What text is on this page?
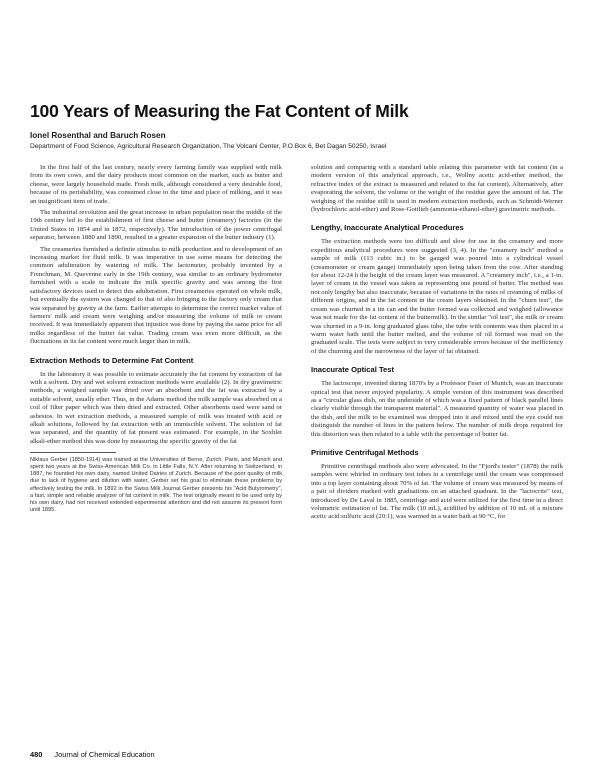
100 Years of Measuring the Fat Content of Milk
Ionel Rosenthal and Baruch Rosen
Department of Food Science, Agricultural Research Organization, The Volcani Center, P.O.Box 6, Bet Dagan 50250, Israel

In the first half of the last century, nearly every farming family was supplied with milk from its own cows, and the dairy products most common on the market, such as butter and cheese, were largely household made. Fresh milk, although considered a very desirable food, because of its perishability, was consumed close to the time and place of milking, and it was an insignificant item of trade.

The industrial revolution and the great increase in urban population near the middle of the 19th century led to the establishment of first cheese and butter (creamery) factories (in the United States in 1854 and in 1872, respectively). The introduction of the power centrifugal separator, between 1880 and 1890, resulted in a greater expansion of the butter industry (1).

The creameries furnished a definite stimulus to milk production and to development of an increasing market for fluid milk. It was imperative in use some means for detecting the common adulteration by watering of milk. The lactometer, probably invented by a Frenchman, M. Quevenne early in the 19th century, was similar to an ordinary hydrometer furnished with a scale to indicate the milk specific gravity and was among the first satisfactory devices used to detect this adulteration. First creameries operated on whole milk, but eventually the system was changed to that of also bringing to the factory only cream that was separated by gravity at the farm. Earlier attempts to determine the correct market value of farmers' milk and cream were weighing and/or measuring the volume of milk or cream received. It was immediately apparent that injustice was done by paying the same price for all milks regardless of the butter fat value. Trading cream was even more difficult, as the fluctuations in its fat content were much larger than in milk.

Extraction Methods to Determine Fat Content

In the laboratory it was possible to estimate accurately the fat content by extraction of fat with a solvent. Dry and wet solvent extraction methods were available (2). In dry gravimetric methods, a weighed sample was dried over an absorbent and the fat was extracted by a suitable solvent, usually ether. Thus, in the Adams method the milk sample was absorbed on a coil of filter paper which was then dried and extracted. Other absorbents used were sand or asbestos. In wet extraction methods, a measured sample of milk was treated with acid or alkali solutions, followed by fat extraction with an immiscible solvent. The solution of fat was separated, and the quantity of fat present was estimated. For example, in the Soxhlet alkali-ether method this was done by measuring the specific gravity of the fat

Niklaus Gerber (1850-1914) was trained at the Universities of Berne, Zurich, Paris, and Munich and spent two years at the Swiss-American Milk Co. in Little Falls, N.Y. After returning to Switzerland, in 1887, he founded his own dairy, named United Dairies of Zurich. Because of the poor quality of milk due to lack of hygiene and dilution with water, Gerber set his goal to eliminate these problems by effectively testing the milk. In 1892 in the Swiss Milk Journal Gerber presents his "Acid Butyrometry", a fast, simple and reliable analyzer of fat content in milk. The test originally meant to be used only by his own dairy, had not received extended experimental attention and did not assume its present form until 1895.

solution and comparing with a standard table relating this parameter with fat content (in a modern version of this analytical approach, i.e., Wollny acetic acid-ether method, the refractive index of the extract is measured and related to the fat content). Alternatively, after evaporating the solvent, the volume or the weight of the residue gave the amount of fat. The weighing of the residue still is used in modern extraction methods, such as Schmidt-Werner (hydrochloric acid-ether) and Rose-Gottlieb (ammonia-ethanol-ether) gravimetric methods.

Lengthy, Inaccurate Analytical Procedures

The extraction methods were too difficult and slow for use in the creamery and more expeditious analytical procedures were suggested (3, 4). In the "creamery inch" method a sample of milk (113 cubic in.) to be gauged was poured into a cylindrical vessel (creamometer or cream gauge) immediately upon being taken from the cow. After standing for about 12-24 h the height of the cream layer was measured. A "creamery inch", i.e., a 1-in. layer of cream in the vessel was taken as representing one pound of butter. The method was not only lengthy but also inaccurate, because of variations in the rates of creaming of milks of different origins, and in the fat content in the cream layers obtained. In the "churn test", the cream was churned in a tin can and the butter formed was collected and weighed (allowance was not made for the fat content of the buttermilk). In the similar "oil test", the milk or cream was churned in a 9-in. long graduated glass tube, the tube with contents was then placed in a warm water bath until the butter melted, and the volume of oil formed was read on the graduated scale. The tests were subject to very considerable errors because of the inefficiency of the churning and the narrowness of the layer of fat obtained.

Inaccurate Optical Test

The lactoscope, invented during 1870's by a Professor Feser of Munich, was an inaccurate optical test that never enjoyed popularity. A simple version of this instrument was described as a "circular glass dish, on the underside of which was a fixed pattern of black parallel lines clearly visible through the transparent material". A measured quantity of water was placed in the dish, and the milk to be examined was dropped into it and mixed until the eye could not distinguish the number of lines in the pattern below. The number of milk drops required for this distortion was then related to a table with the percentage of butter fat.

Primitive Centrifugal Methods

Primitive centrifugal methods also were advocated. In the "Fjord's tester" (1878) the milk samples were whirled in ordinary test tubes in a centrifuge until the cream was compressed into a top layer containing about 70% of fat. The volume of cream was measured by means of a pair of dividers marked with graduations on an attached quadrant. In the "lactocrite" test, introduced by De Laval in 1885, centrifuge and acid were utilized for the first time in a direct volumetric estimation of fat. The milk (10 mL), acidified by addition of 10 mL of a mixture acetic acid:sulfuric acid (20:1), was warmed in a water bath at 90 °C, for

480 Journal of Chemical Education
